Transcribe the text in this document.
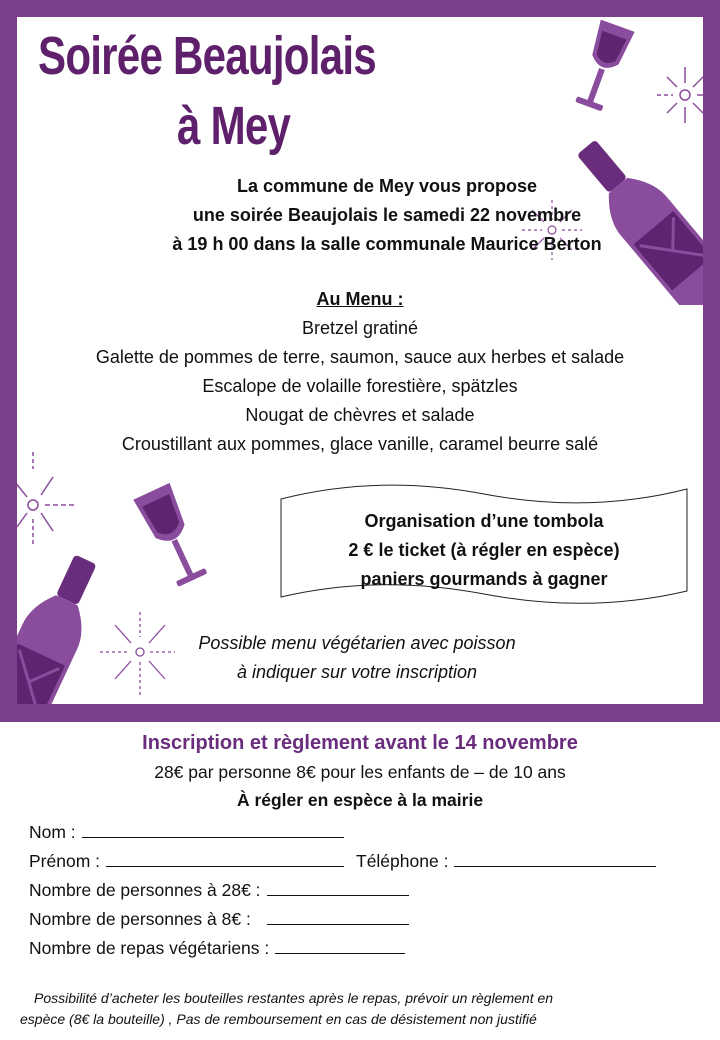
Soirée Beaujolais
à Mey
La commune de Mey vous propose
une soirée Beaujolais le samedi 22 novembre
à 19 h 00 dans la salle communale Maurice Berton
Au Menu :
Bretzel gratiné
Galette de pommes de terre, saumon, sauce aux herbes et salade
Escalope de volaille forestière, spätzles
Nougat de chèvres et salade
Croustillant aux pommes, glace vanille, caramel beurre salé
Organisation d’une tombola
2 € le ticket (à régler en espèce)
paniers gourmands à gagner
Possible menu végétarien avec poisson
à indiquer sur votre inscription
Inscription et règlement avant le 14 novembre
28€ par personne 8€ pour les enfants de – de 10 ans
À régler en espèce à la mairie
Nom :
Prénom :	Téléphone :
Nombre de personnes à 28€ :
Nombre de personnes à 8€ :
Nombre de repas végétariens :
Possibilité d’acheter les bouteilles restantes après le repas, prévoir un règlement en
espèce (8€ la bouteille) , Pas de remboursement en cas de désistement non justifié
